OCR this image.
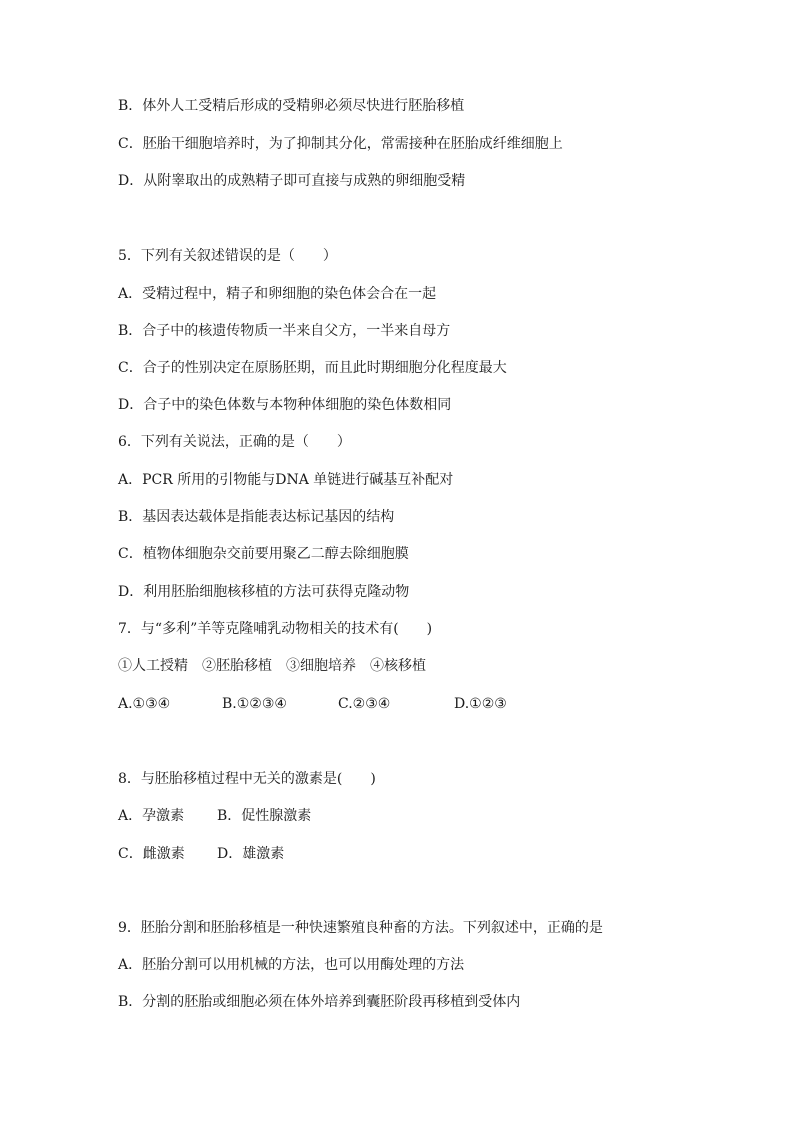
B．体外人工受精后形成的受精卵必须尽快进行胚胎移植
C．胚胎干细胞培养时，为了抑制其分化，常需接种在胚胎成纤维细胞上
D．从附睾取出的成熟精子即可直接与成熟的卵细胞受精
5．下列有关叙述错误的是（　　）
A．受精过程中，精子和卵细胞的染色体会合在一起
B．合子中的核遗传物质一半来自父方，一半来自母方
C．合子的性别决定在原肠胚期，而且此时期细胞分化程度最大
D．合子中的染色体数与本物种体细胞的染色体数相同
6．下列有关说法，正确的是（　　）
A．PCR 所用的引物能与DNA 单链进行碱基互补配对
B．基因表达载体是指能表达标记基因的结构
C．植物体细胞杂交前要用聚乙二醇去除细胞膜
D．利用胚胎细胞核移植的方法可获得克隆动物
7．与“多利”羊等克隆哺乳动物相关的技术有(　　)
①人工授精　②胚胎移植　③细胞培养　④核移植
A.①③④	B.①②③④	C.②③④	D.①②③
8．与胚胎移植过程中无关的激素是(　　)
A．孕激素 B．促性腺激素
C．雌激素 D．雄激素
9．胚胎分割和胚胎移植是一种快速繁殖良种畜的方法。下列叙述中，正确的是
A．胚胎分割可以用机械的方法，也可以用酶处理的方法
B．分割的胚胎或细胞必须在体外培养到囊胚阶段再移植到受体内
